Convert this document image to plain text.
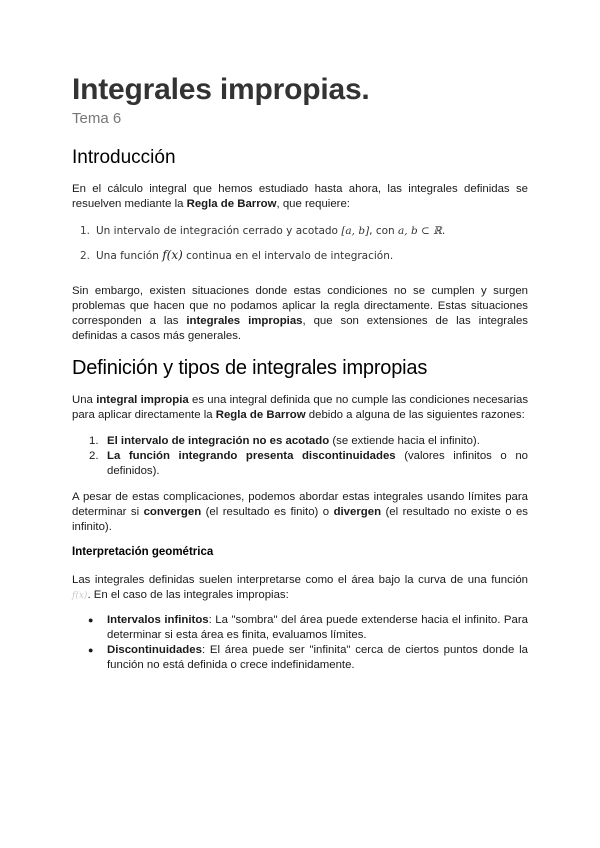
Integrales impropias.
Tema 6
Introducción

En el cálculo integral que hemos estudiado hasta ahora, las integrales definidas se resuelven mediante la Regla de Barrow, que requiere:

1. Un intervalo de integración cerrado y acotado [a, b], con a, b ⊂ ℝ.
2. Una función f(x) continua en el intervalo de integración.

Sin embargo, existen situaciones donde estas condiciones no se cumplen y surgen problemas que hacen que no podamos aplicar la regla directamente. Estas situaciones corresponden a las integrales impropias, que son extensiones de las integrales definidas a casos más generales.

Definición y tipos de integrales impropias

Una integral impropia es una integral definida que no cumple las condiciones necesarias para aplicar directamente la Regla de Barrow debido a alguna de las siguientes razones:

1. El intervalo de integración no es acotado (se extiende hacia el infinito).
2. La función integrando presenta discontinuidades (valores infinitos o no definidos).

A pesar de estas complicaciones, podemos abordar estas integrales usando límites para determinar si convergen (el resultado es finito) o divergen (el resultado no existe o es infinito).

Interpretación geométrica

Las integrales definidas suelen interpretarse como el área bajo la curva de una función f(x). En el caso de las integrales impropias:

● Intervalos infinitos: La "sombra" del área puede extenderse hacia el infinito. Para determinar si esta área es finita, evaluamos límites.
● Discontinuidades: El área puede ser "infinita" cerca de ciertos puntos donde la función no está definida o crece indefinidamente.
